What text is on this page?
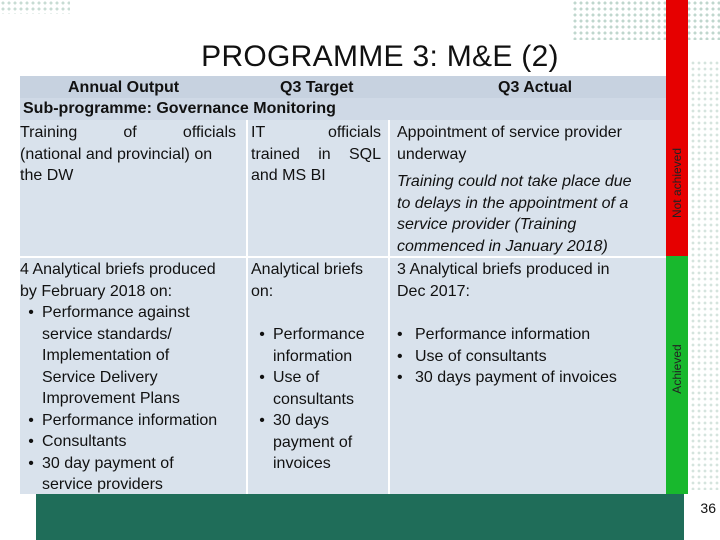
PROGRAMME 3: M&E (2)
Annual Output	Q3 Target	Q3 Actual
Sub-programme: Governance Monitoring
Training of officials
(national and provincial) on
the DW
IT officials
trained in SQL
and MS BI
Appointment of service provider
underway
Training could not take place due
to delays in the appointment of a
service provider (Training
commenced in January 2018)
4 Analytical briefs produced
by February 2018 on:
• Performance against
service standards/
Implementation of
Service Delivery
Improvement Plans
• Performance information
• Consultants
• 30 day payment of
service providers
Analytical briefs
on:
• Performance
information
• Use of
consultants
• 30 days
payment of
invoices
3 Analytical briefs produced in
Dec 2017:
• Performance information
• Use of consultants
• 30 days payment of invoices
Not achieved
Achieved
36
